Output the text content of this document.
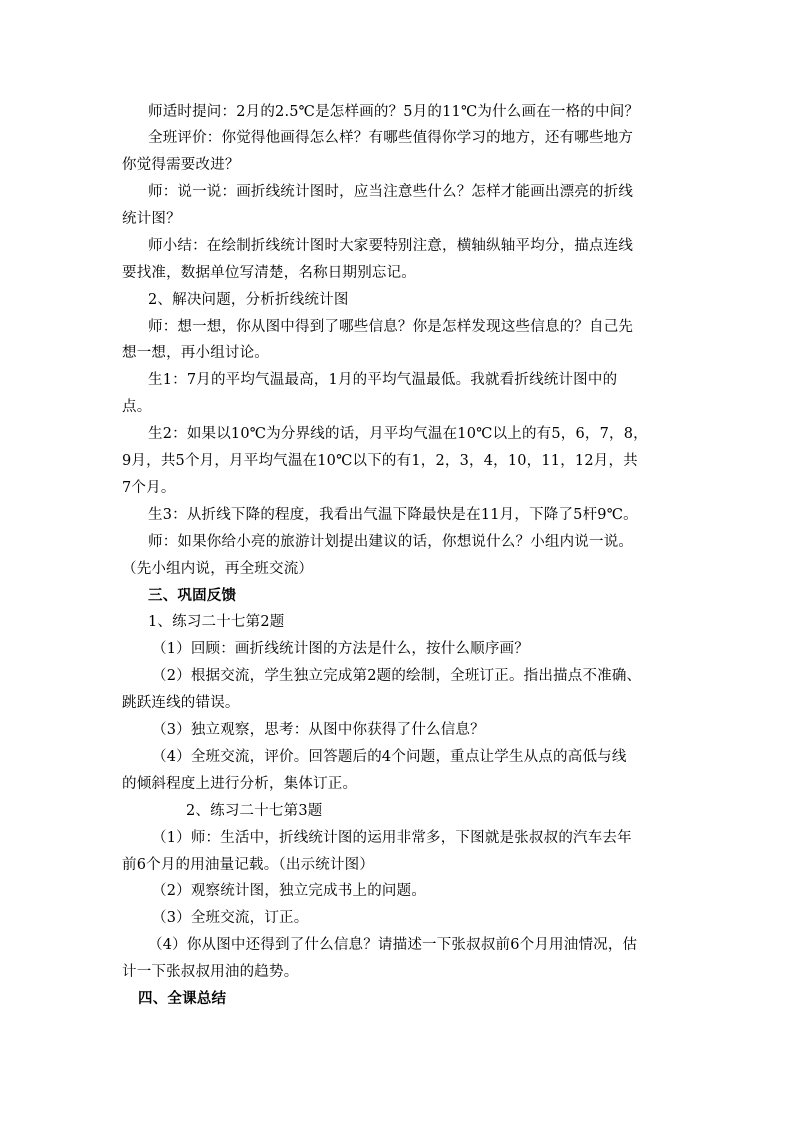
师适时提问：2月的2.5℃是怎样画的？5月的11℃为什么画在一格的中间？
全班评价：你觉得他画得怎么样？有哪些值得你学习的地方，还有哪些地方
你觉得需要改进？
师：说一说：画折线统计图时，应当注意些什么？怎样才能画出漂亮的折线
统计图？
师小结：在绘制折线统计图时大家要特别注意，横轴纵轴平均分，描点连线
要找准，数据单位写清楚，名称日期别忘记。
2、解决问题，分析折线统计图
师：想一想，你从图中得到了哪些信息？你是怎样发现这些信息的？自己先
想一想，再小组讨论。
生1：7月的平均气温最高，1月的平均气温最低。我就看折线统计图中的
点。
生2：如果以10℃为分界线的话，月平均气温在10℃以上的有5，6，7，8，
9月，共5个月，月平均气温在10℃以下的有1，2，3，4，10，11，12月，共
7个月。
生3：从折线下降的程度，我看出气温下降最快是在11月，下降了5杆9℃。
师：如果你给小亮的旅游计划提出建议的话，你想说什么？小组内说一说。
（先小组内说，再全班交流）
三、巩固反馈
1、练习二十七第2题
（1）回顾：画折线统计图的方法是什么，按什么顺序画？
（2）根据交流，学生独立完成第2题的绘制，全班订正。指出描点不准确、
跳跃连线的错误。
（3）独立观察，思考：从图中你获得了什么信息？
（4）全班交流，评价。回答题后的4个问题，重点让学生从点的高低与线
的倾斜程度上进行分析，集体订正。
2、练习二十七第3题
（1）师：生活中，折线统计图的运用非常多，下图就是张叔叔的汽车去年
前6个月的用油量记载。（出示统计图）
（2）观察统计图，独立完成书上的问题。
（3）全班交流，订正。
（4）你从图中还得到了什么信息？请描述一下张叔叔前6个月用油情况，估
计一下张叔叔用油的趋势。
四、全课总结
